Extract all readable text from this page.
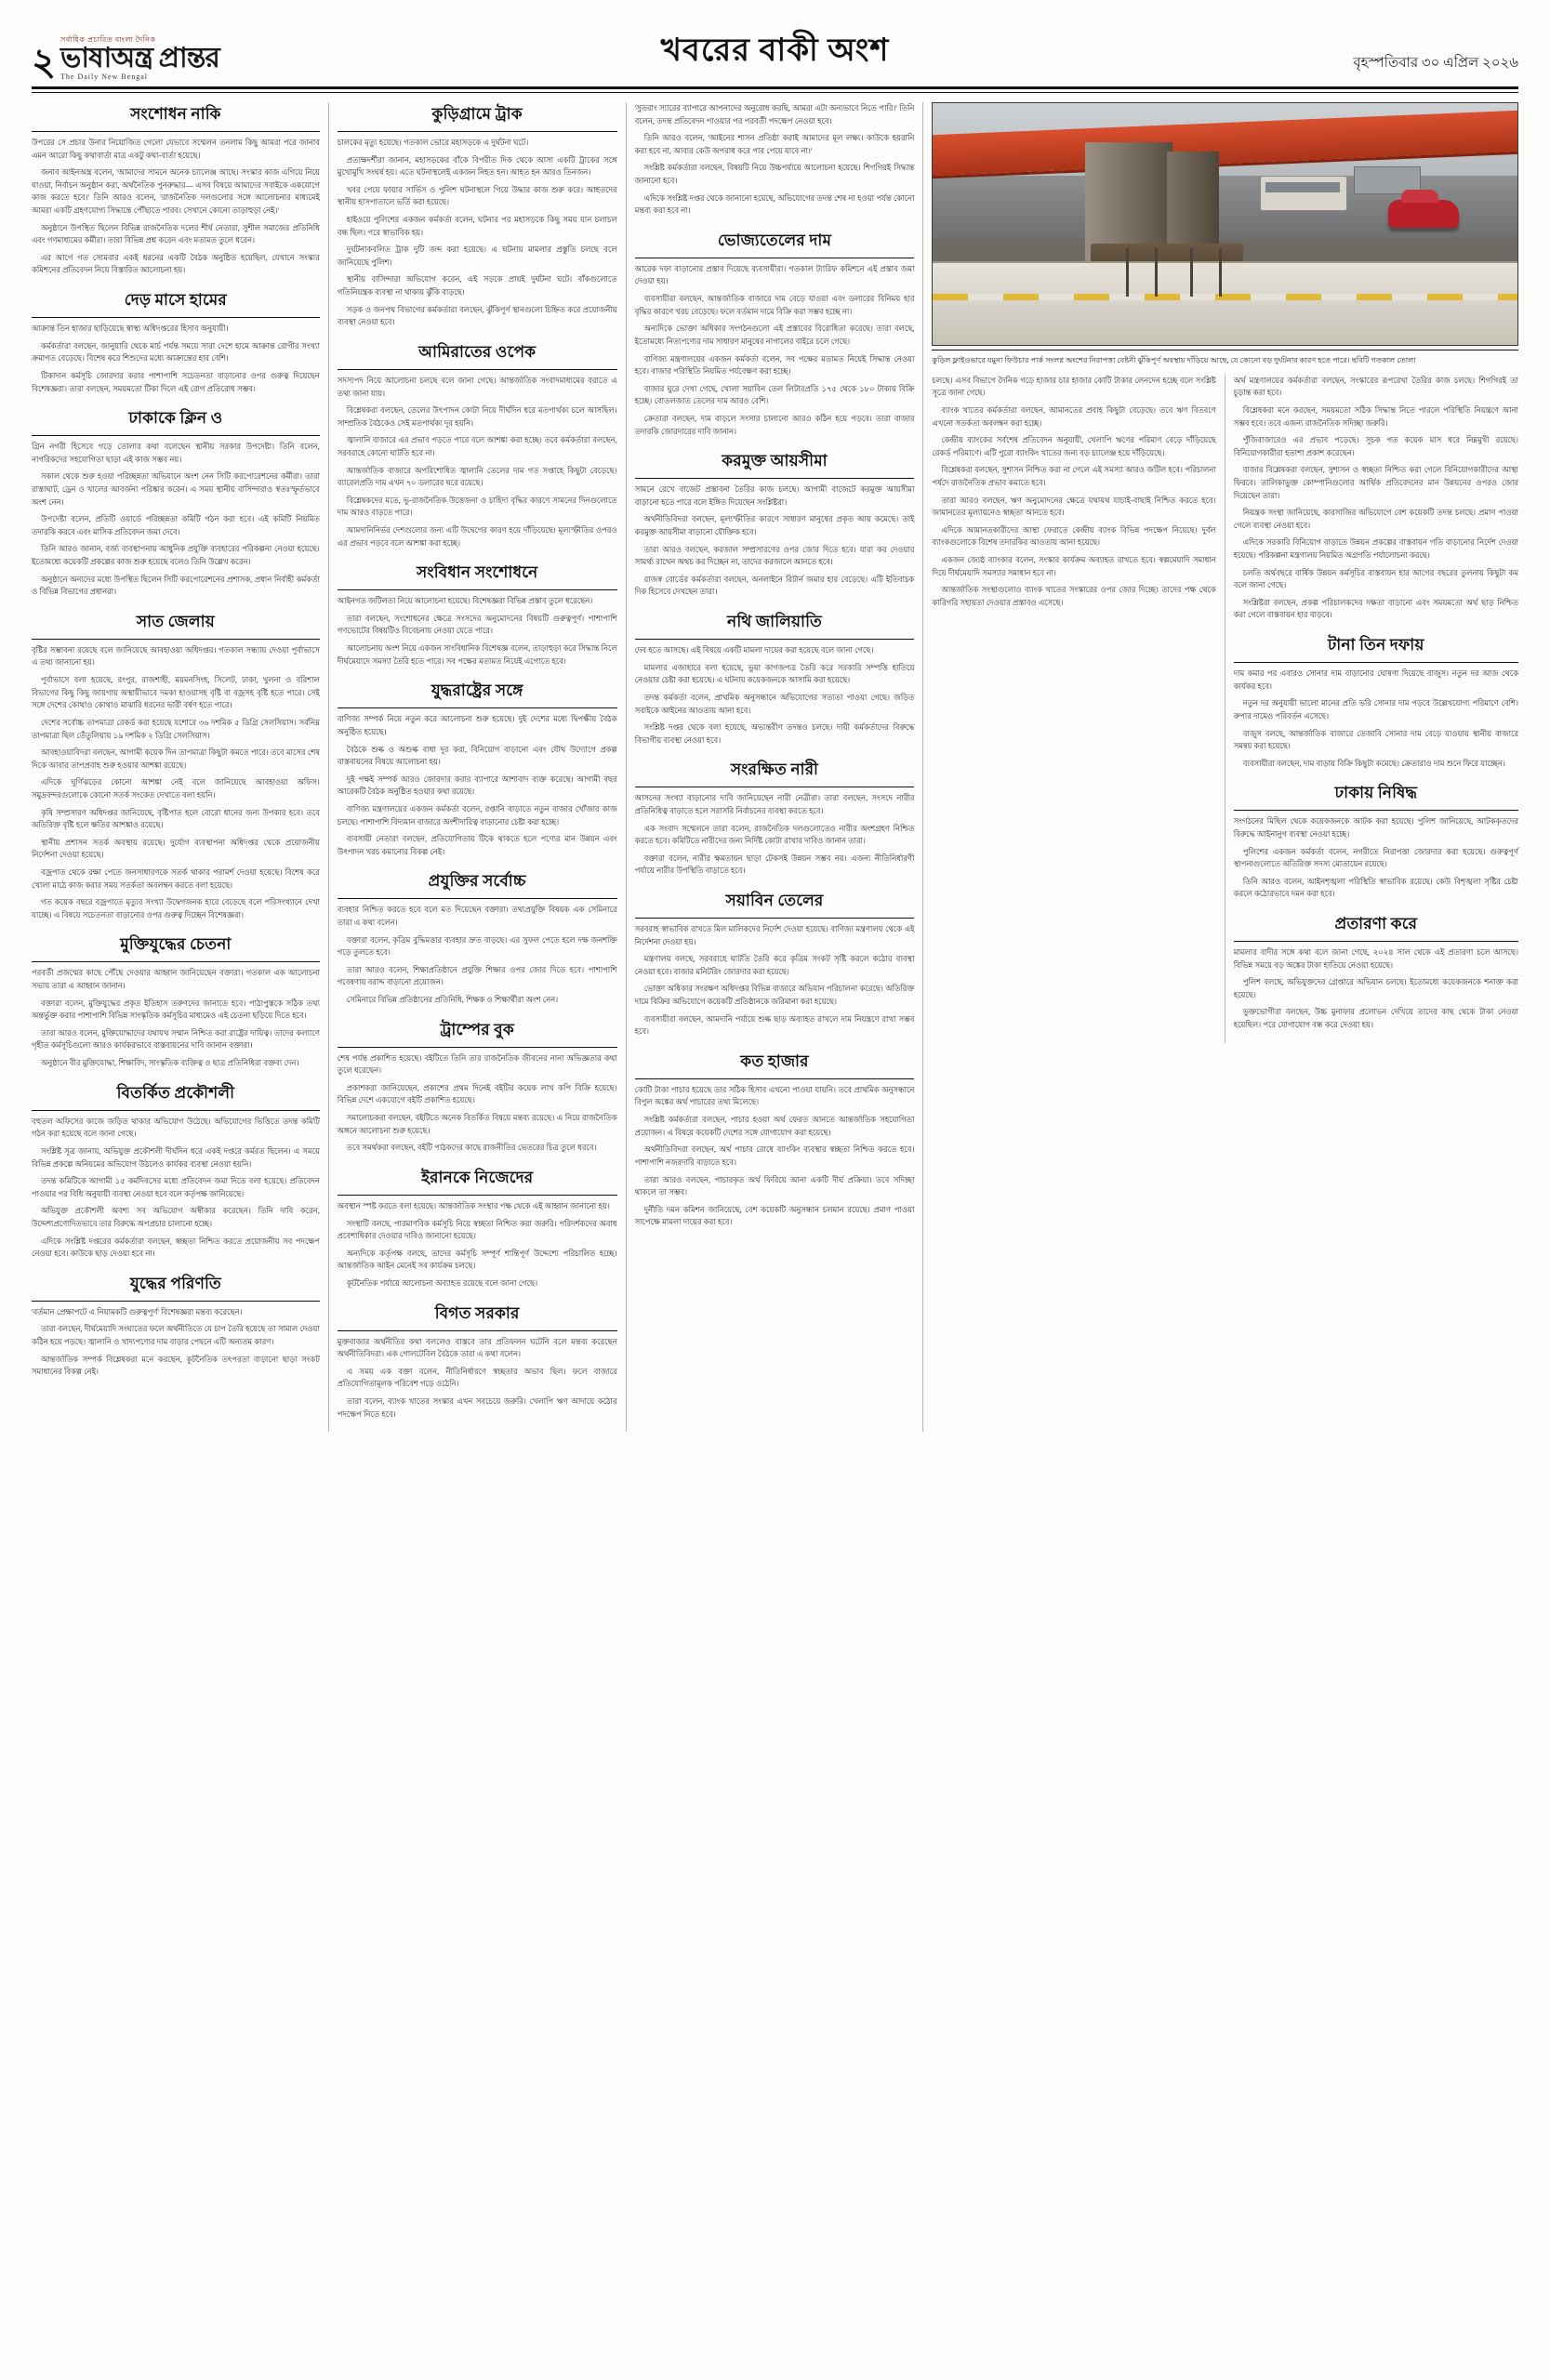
২
সর্বাধিক প্রচারিত বাংলা দৈনিক
ভাষাঅন্ত্র প্রান্তর
The Daily New Bengal
খবরের বাকী অংশ	বৃহস্পতিবার ৩০ এপ্রিল ২০২৬
সংশোধন নাকি

উপরের সে প্রচার উনার নিয়োজিত গেলো যেভাবে সম্মেলন তনলাম কিছু আমরা পরে জানাব এমন আরো কিছু কথাবার্তা মাত্র একটু কথা-বার্তা হয়েছে।

জনাব আইনঅন্ত্র বলেন, 'আমাদের সামনে অনেক চ্যালেঞ্জ আছে। সংস্কার কাজ এগিয়ে নিয়ে যাওয়া, নির্বাচন অনুষ্ঠান করা, অর্থনৈতিক পুনরুদ্ধার— এসব বিষয়ে আমাদের সবাইকে একযোগে কাজ করতে হবে।' তিনি আরও বলেন, 'রাজনৈতিক দলগুলোর সঙ্গে আলোচনার মাধ্যমেই আমরা একটি গ্রহণযোগ্য সিদ্ধান্তে পৌঁছাতে পারব। সেখানে কোনো তাড়াহুড়া নেই।'

অনুষ্ঠানে উপস্থিত ছিলেন বিভিন্ন রাজনৈতিক দলের শীর্ষ নেতারা, সুশীল সমাজের প্রতিনিধি এবং গণমাধ্যমের কর্মীরা। তারা বিভিন্ন প্রশ্ন করেন এবং মতামত তুলে ধরেন।

এর আগে গত সোমবার একই ধরনের একটি বৈঠক অনুষ্ঠিত হয়েছিল, যেখানে সংস্কার কমিশনের প্রতিবেদন নিয়ে বিস্তারিত আলোচনা হয়।

দেড় মাসে হামের

আক্রান্ত তিন হাজার ছাড়িয়েছে স্বাস্থ্য অধিদপ্তরের হিসাব অনুযায়ী।

কর্মকর্তারা বলছেন, জানুয়ারি থেকে মার্চ পর্যন্ত সময়ে সারা দেশে হামে আক্রান্ত রোগীর সংখ্যা ক্রমাগত বেড়েছে। বিশেষ করে শিশুদের মধ্যে আক্রান্তের হার বেশি।

টিকাদান কর্মসূচি জোরদার করার পাশাপাশি সচেতনতা বাড়ানোর ওপর গুরুত্ব দিয়েছেন বিশেষজ্ঞরা। তারা বলছেন, সময়মতো টিকা দিলে এই রোগ প্রতিরোধ সম্ভব।

ঢাকাকে ক্লিন ও

গ্রিন নগরী হিসেবে গড়ে তোলার কথা বলেছেন স্থানীয় সরকার উপদেষ্টা। তিনি বলেন, নাগরিকদের সহযোগিতা ছাড়া এই কাজ সম্ভব নয়।

সকাল থেকে শুরু হওয়া পরিচ্ছন্নতা অভিযানে অংশ নেন সিটি করপোরেশনের কর্মীরা। তারা রাস্তাঘাট, ড্রেন ও খালের আবর্জনা পরিষ্কার করেন। এ সময় স্থানীয় বাসিন্দারাও স্বতঃস্ফূর্তভাবে অংশ নেন।

উপদেষ্টা বলেন, প্রতিটি ওয়ার্ডে পরিচ্ছন্নতা কমিটি গঠন করা হবে। এই কমিটি নিয়মিত তদারকি করবে এবং মাসিক প্রতিবেদন জমা দেবে।

তিনি আরও জানান, বর্জ্য ব্যবস্থাপনায় আধুনিক প্রযুক্তি ব্যবহারের পরিকল্পনা নেওয়া হয়েছে। ইতোমধ্যে কয়েকটি প্রকল্পের কাজ শুরু হয়েছে বলেও তিনি উল্লেখ করেন।

অনুষ্ঠানে অন্যদের মধ্যে উপস্থিত ছিলেন সিটি করপোরেশনের প্রশাসক, প্রধান নির্বাহী কর্মকর্তা ও বিভিন্ন বিভাগের প্রধানরা।

সাত জেলায়

বৃষ্টির সম্ভাবনা রয়েছে বলে জানিয়েছে আবহাওয়া অধিদপ্তর। গতকাল সন্ধ্যায় দেওয়া পূর্বাভাসে এ তথ্য জানানো হয়।

পূর্বাভাসে বলা হয়েছে, রংপুর, রাজশাহী, ময়মনসিংহ, সিলেট, ঢাকা, খুলনা ও বরিশাল বিভাগের কিছু কিছু জায়গায় অস্থায়ীভাবে দমকা হাওয়াসহ বৃষ্টি বা বজ্রসহ বৃষ্টি হতে পারে। সেই সঙ্গে দেশের কোথাও কোথাও মাঝারি ধরনের ভারী বর্ষণ হতে পারে।

দেশের সর্বোচ্চ তাপমাত্রা রেকর্ড করা হয়েছে যশোরে ৩৬ দশমিক ৫ ডিগ্রি সেলসিয়াস। সর্বনিম্ন তাপমাত্রা ছিল তেঁতুলিয়ায় ১৯ দশমিক ২ ডিগ্রি সেলসিয়াস।

আবহাওয়াবিদরা বলছেন, আগামী কয়েক দিন তাপমাত্রা কিছুটা কমতে পারে। তবে মাসের শেষ দিকে আবার তাপপ্রবাহ শুরু হওয়ার আশঙ্কা রয়েছে।

এদিকে ঘূর্ণিঝড়ের কোনো আশঙ্কা নেই বলে জানিয়েছে আবহাওয়া অফিস। সমুদ্রবন্দরগুলোকে কোনো সতর্ক সংকেত দেখাতে বলা হয়নি।

কৃষি সম্প্রসারণ অধিদপ্তর জানিয়েছে, বৃষ্টিপাত হলে বোরো ধানের জন্য উপকার হবে। তবে অতিরিক্ত বৃষ্টি হলে ক্ষতির আশঙ্কাও রয়েছে।

স্থানীয় প্রশাসন সতর্ক অবস্থায় রয়েছে। দুর্যোগ ব্যবস্থাপনা অধিদপ্তর থেকে প্রয়োজনীয় নির্দেশনা দেওয়া হয়েছে।

বজ্রপাত থেকে রক্ষা পেতে জনসাধারণকে সতর্ক থাকার পরামর্শ দেওয়া হয়েছে। বিশেষ করে খোলা মাঠে কাজ করার সময় সতর্কতা অবলম্বন করতে বলা হয়েছে।

গত কয়েক বছরে বজ্রপাতে মৃত্যুর সংখ্যা উদ্বেগজনক হারে বেড়েছে বলে পরিসংখ্যানে দেখা যাচ্ছে। এ বিষয়ে সচেতনতা বাড়ানোর ওপর গুরুত্ব দিচ্ছেন বিশেষজ্ঞরা।

মুক্তিযুদ্ধের চেতনা

পরবর্তী প্রজন্মের কাছে পৌঁছে দেওয়ার আহ্বান জানিয়েছেন বক্তারা। গতকাল এক আলোচনা সভায় তারা এ আহ্বান জানান।

বক্তারা বলেন, মুক্তিযুদ্ধের প্রকৃত ইতিহাস তরুণদের জানাতে হবে। পাঠ্যপুস্তকে সঠিক তথ্য অন্তর্ভুক্ত করার পাশাপাশি বিভিন্ন সাংস্কৃতিক কর্মসূচির মাধ্যমেও এই চেতনা ছড়িয়ে দিতে হবে।

তারা আরও বলেন, মুক্তিযোদ্ধাদের যথাযথ সম্মান নিশ্চিত করা রাষ্ট্রের দায়িত্ব। তাদের কল্যাণে গৃহীত কর্মসূচিগুলো আরও কার্যকরভাবে বাস্তবায়নের দাবি জানান বক্তারা।

অনুষ্ঠানে বীর মুক্তিযোদ্ধা, শিক্ষাবিদ, সাংস্কৃতিক ব্যক্তিত্ব ও ছাত্র প্রতিনিধিরা বক্তব্য দেন।

বিতর্কিত প্রকৌশলী

বহুতল অফিসের কাজে জড়িত থাকার অভিযোগ উঠেছে। অভিযোগের ভিত্তিতে তদন্ত কমিটি গঠন করা হয়েছে বলে জানা গেছে।

সংশ্লিষ্ট সূত্র জানায়, অভিযুক্ত প্রকৌশলী দীর্ঘদিন ধরে একই দপ্তরে কর্মরত ছিলেন। এ সময়ে বিভিন্ন প্রকল্পে অনিয়মের অভিযোগ উঠলেও কার্যকর ব্যবস্থা নেওয়া হয়নি।

তদন্ত কমিটিকে আগামী ১৫ কর্মদিবসের মধ্যে প্রতিবেদন জমা দিতে বলা হয়েছে। প্রতিবেদন পাওয়ার পর বিধি অনুযায়ী ব্যবস্থা নেওয়া হবে বলে কর্তৃপক্ষ জানিয়েছে।

অভিযুক্ত প্রকৌশলী অবশ্য সব অভিযোগ অস্বীকার করেছেন। তিনি দাবি করেন, উদ্দেশ্যপ্রণোদিতভাবে তার বিরুদ্ধে অপপ্রচার চালানো হচ্ছে।

এদিকে সংশ্লিষ্ট দপ্তরের কর্মকর্তারা বলছেন, স্বচ্ছতা নিশ্চিত করতে প্রয়োজনীয় সব পদক্ষেপ নেওয়া হবে। কাউকে ছাড় দেওয়া হবে না।

যুদ্ধের পরিণতি

'বর্তমান প্রেক্ষাপটে এ নিয়ামকটি গুরুত্বপূর্ণ' বিশেষজ্ঞরা মন্তব্য করেছেন।

তারা বলছেন, দীর্ঘমেয়াদি সংঘাতের ফলে অর্থনীতিতে যে চাপ তৈরি হয়েছে তা সামাল দেওয়া কঠিন হয়ে পড়ছে। জ্বালানি ও খাদ্যপণ্যের দাম বাড়ার পেছনে এটি অন্যতম কারণ।

আন্তর্জাতিক সম্পর্ক বিশ্লেষকরা মনে করছেন, কূটনৈতিক তৎপরতা বাড়ানো ছাড়া সংকট সমাধানের বিকল্প নেই।

কুড়িগ্রামে ট্রাক

চালকের মৃত্যু হয়েছে। গতকাল ভোরে মহাসড়কে এ দুর্ঘটনা ঘটে।

প্রত্যক্ষদর্শীরা জানান, মহাসড়কের বাঁকে বিপরীত দিক থেকে আসা একটি ট্রাকের সঙ্গে মুখোমুখি সংঘর্ষ হয়। এতে ঘটনাস্থলেই একজন নিহত হন। আহত হন আরও তিনজন।

খবর পেয়ে ফায়ার সার্ভিস ও পুলিশ ঘটনাস্থলে গিয়ে উদ্ধার কাজ শুরু করে। আহতদের স্থানীয় হাসপাতালে ভর্তি করা হয়েছে।

হাইওয়ে পুলিশের একজন কর্মকর্তা বলেন, ঘটনার পর মহাসড়কে কিছু সময় যান চলাচল বন্ধ ছিল। পরে স্বাভাবিক হয়।

দুর্ঘটনাকবলিত ট্রাক দুটি জব্দ করা হয়েছে। এ ঘটনায় মামলার প্রস্তুতি চলছে বলে জানিয়েছে পুলিশ।

স্থানীয় বাসিন্দারা অভিযোগ করেন, এই সড়কে প্রায়ই দুর্ঘটনা ঘটে। বাঁকগুলোতে গতিনিয়ন্ত্রক ব্যবস্থা না থাকায় ঝুঁকি বাড়ছে।

সড়ক ও জনপথ বিভাগের কর্মকর্তারা বলছেন, ঝুঁকিপূর্ণ স্থানগুলো চিহ্নিত করে প্রয়োজনীয় ব্যবস্থা নেওয়া হবে।

আমিরাতের ওপেক

সদস্যপদ নিয়ে আলোচনা চলছে বলে জানা গেছে। আন্তর্জাতিক সংবাদমাধ্যমের বরাতে এ তথ্য জানা যায়।

বিশ্লেষকরা বলছেন, তেলের উৎপাদন কোটা নিয়ে দীর্ঘদিন ধরে মতপার্থক্য চলে আসছিল। সাম্প্রতিক বৈঠকেও সেই মতপার্থক্য দূর হয়নি।

জ্বালানি বাজারে এর প্রভাব পড়তে পারে বলে আশঙ্কা করা হচ্ছে। তবে কর্মকর্তারা বলছেন, সরবরাহে কোনো ঘাটতি হবে না।

আন্তর্জাতিক বাজারে অপরিশোধিত জ্বালানি তেলের দাম গত সপ্তাহে কিছুটা বেড়েছে। ব্যারেলপ্রতি দাম এখন ৭০ ডলারের ঘরে রয়েছে।

বিশ্লেষকদের মতে, ভূ-রাজনৈতিক উত্তেজনা ও চাহিদা বৃদ্ধির কারণে সামনের দিনগুলোতে দাম আরও বাড়তে পারে।

আমদানিনির্ভর দেশগুলোর জন্য এটি উদ্বেগের কারণ হয়ে দাঁড়িয়েছে। মূল্যস্ফীতির ওপরও এর প্রভাব পড়বে বলে আশঙ্কা করা হচ্ছে।

সংবিধান সংশোধনে

আইনগত জটিলতা নিয়ে আলোচনা হয়েছে। বিশেষজ্ঞরা বিভিন্ন প্রস্তাব তুলে ধরেছেন।

তারা বলছেন, সংশোধনের ক্ষেত্রে সংসদের অনুমোদনের বিষয়টি গুরুত্বপূর্ণ। পাশাপাশি গণভোটের বিষয়টিও বিবেচনায় নেওয়া যেতে পারে।

আলোচনায় অংশ নিয়ে একজন সাংবিধানিক বিশেষজ্ঞ বলেন, তাড়াহুড়া করে সিদ্ধান্ত নিলে দীর্ঘমেয়াদে সমস্যা তৈরি হতে পারে। সব পক্ষের মতামত নিয়েই এগোতে হবে।

যুদ্ধরাষ্ট্রের সঙ্গে

বাণিজ্য সম্পর্ক নিয়ে নতুন করে আলোচনা শুরু হয়েছে। দুই দেশের মধ্যে দ্বিপক্ষীয় বৈঠক অনুষ্ঠিত হয়েছে।

বৈঠকে শুল্ক ও অশুল্ক বাধা দূর করা, বিনিয়োগ বাড়ানো এবং যৌথ উদ্যোগে প্রকল্প বাস্তবায়নের বিষয়ে আলোচনা হয়।

দুই পক্ষই সম্পর্ক আরও জোরদার করার ব্যাপারে আশাবাদ ব্যক্ত করেছে। আগামী বছর আরেকটি বৈঠক অনুষ্ঠিত হওয়ার কথা রয়েছে।

বাণিজ্য মন্ত্রণালয়ের একজন কর্মকর্তা বলেন, রপ্তানি বাড়াতে নতুন বাজার খোঁজার কাজ চলছে। পাশাপাশি বিদ্যমান বাজারে অংশীদারিত্ব বাড়ানোর চেষ্টা করা হচ্ছে।

ব্যবসায়ী নেতারা বলছেন, প্রতিযোগিতায় টিকে থাকতে হলে পণ্যের মান উন্নয়ন এবং উৎপাদন খরচ কমানোর বিকল্প নেই।

প্রযুক্তির সর্বোচ্চ

ব্যবহার নিশ্চিত করতে হবে বলে মত দিয়েছেন বক্তারা। তথ্যপ্রযুক্তি বিষয়ক এক সেমিনারে তারা এ কথা বলেন।

বক্তারা বলেন, কৃত্রিম বুদ্ধিমত্তার ব্যবহার দ্রুত বাড়ছে। এর সুফল পেতে হলে দক্ষ জনশক্তি গড়ে তুলতে হবে।

তারা আরও বলেন, শিক্ষাপ্রতিষ্ঠানে প্রযুক্তি শিক্ষার ওপর জোর দিতে হবে। পাশাপাশি গবেষণায় বরাদ্দ বাড়ানো প্রয়োজন।

সেমিনারে বিভিন্ন প্রতিষ্ঠানের প্রতিনিধি, শিক্ষক ও শিক্ষার্থীরা অংশ নেন।

ট্রাম্পের বুক

শেষ পর্যন্ত প্রকাশিত হয়েছে। বইটিতে তিনি তার রাজনৈতিক জীবনের নানা অভিজ্ঞতার কথা তুলে ধরেছেন।

প্রকাশকরা জানিয়েছেন, প্রকাশের প্রথম দিনেই বইটির কয়েক লাখ কপি বিক্রি হয়েছে। বিভিন্ন দেশে একযোগে বইটি প্রকাশিত হয়েছে।

সমালোচকরা বলছেন, বইটিতে অনেক বিতর্কিত বিষয়ে মন্তব্য রয়েছে। এ নিয়ে রাজনৈতিক অঙ্গনে আলোচনা শুরু হয়েছে।

তবে সমর্থকরা বলছেন, বইটি পাঠকদের কাছে রাজনীতির ভেতরের চিত্র তুলে ধরবে।

ইরানকে নিজেদের

অবস্থান স্পষ্ট করতে বলা হয়েছে। আন্তর্জাতিক সংস্থার পক্ষ থেকে এই আহ্বান জানানো হয়।

সংস্থাটি বলছে, পারমাণবিক কর্মসূচি নিয়ে স্বচ্ছতা নিশ্চিত করা জরুরি। পরিদর্শকদের অবাধ প্রবেশাধিকার দেওয়ার দাবিও জানানো হয়েছে।

অন্যদিকে কর্তৃপক্ষ বলছে, তাদের কর্মসূচি সম্পূর্ণ শান্তিপূর্ণ উদ্দেশ্যে পরিচালিত হচ্ছে। আন্তর্জাতিক আইন মেনেই সব কার্যক্রম চলছে।

কূটনৈতিক পর্যায়ে আলোচনা অব্যাহত রয়েছে বলে জানা গেছে।

বিগত সরকার

মুক্তবাজার অর্থনীতির কথা বললেও বাস্তবে তার প্রতিফলন ঘটেনি বলে মন্তব্য করেছেন অর্থনীতিবিদরা। এক গোলটেবিল বৈঠকে তারা এ কথা বলেন।

এ সময় এক বক্তা বলেন, নীতিনির্ধারণে স্বচ্ছতার অভাব ছিল। ফলে বাজারে প্রতিযোগিতামূলক পরিবেশ গড়ে ওঠেনি।

তারা বলেন, ব্যাংক খাতের সংস্কার এখন সবচেয়ে জরুরি। খেলাপি ঋণ আদায়ে কঠোর পদক্ষেপ নিতে হবে।

'সুতরাং স্যারের ব্যাপারে আপনাদের অনুরোধ করছি, আমরা এটা অন্যভাবে নিতে পারি।' তিনি বলেন, তদন্ত প্রতিবেদন পাওয়ার পর পরবর্তী পদক্ষেপ নেওয়া হবে।

তিনি আরও বলেন, 'আইনের শাসন প্রতিষ্ঠা করাই আমাদের মূল লক্ষ্য। কাউকে হয়রানি করা হবে না, আবার কেউ অপরাধ করে পার পেয়ে যাবে না।'

সংশ্লিষ্ট কর্মকর্তারা বলছেন, বিষয়টি নিয়ে উচ্চপর্যায়ে আলোচনা হয়েছে। শিগগিরই সিদ্ধান্ত জানানো হবে।

এদিকে সংশ্লিষ্ট দপ্তর থেকে জানানো হয়েছে, অভিযোগের তদন্ত শেষ না হওয়া পর্যন্ত কোনো মন্তব্য করা হবে না।

ভোজ্যতেলের দাম

আরেক দফা বাড়ানোর প্রস্তাব দিয়েছে ব্যবসায়ীরা। গতকাল ট্যারিফ কমিশনে এই প্রস্তাব জমা দেওয়া হয়।

ব্যবসায়ীরা বলছেন, আন্তর্জাতিক বাজারে দাম বেড়ে যাওয়া এবং ডলারের বিনিময় হার বৃদ্ধির কারণে খরচ বেড়েছে। ফলে বর্তমান দামে বিক্রি করা সম্ভব হচ্ছে না।

অন্যদিকে ভোক্তা অধিকার সংগঠনগুলো এই প্রস্তাবের বিরোধিতা করেছে। তারা বলছে, ইতোমধ্যে নিত্যপণ্যের দাম সাধারণ মানুষের নাগালের বাইরে চলে গেছে।

বাণিজ্য মন্ত্রণালয়ের একজন কর্মকর্তা বলেন, সব পক্ষের মতামত নিয়েই সিদ্ধান্ত নেওয়া হবে। বাজার পরিস্থিতি নিয়মিত পর্যবেক্ষণ করা হচ্ছে।

বাজার ঘুরে দেখা গেছে, খোলা সয়াবিন তেল লিটারপ্রতি ১৭৫ থেকে ১৮০ টাকায় বিক্রি হচ্ছে। বোতলজাত তেলের দাম আরও বেশি।

ক্রেতারা বলছেন, দাম বাড়লে সংসার চালানো আরও কঠিন হয়ে পড়বে। তারা বাজার তদারকি জোরদারের দাবি জানান।

করমুক্ত আয়সীমা

সামনে রেখে বাজেট প্রস্তাবনা তৈরির কাজ চলছে। আগামী বাজেটে করমুক্ত আয়সীমা বাড়ানো হতে পারে বলে ইঙ্গিত দিয়েছেন সংশ্লিষ্টরা।

অর্থনীতিবিদরা বলছেন, মূল্যস্ফীতির কারণে সাধারণ মানুষের প্রকৃত আয় কমেছে। তাই করমুক্ত আয়সীমা বাড়ানো যৌক্তিক হবে।

তারা আরও বলছেন, করজাল সম্প্রসারণের ওপর জোর দিতে হবে। যারা কর দেওয়ার সামর্থ্য রাখেন অথচ কর দিচ্ছেন না, তাদের করজালে আনতে হবে।

রাজস্ব বোর্ডের কর্মকর্তারা বলছেন, অনলাইনে রিটার্ন জমার হার বেড়েছে। এটি ইতিবাচক দিক হিসেবে দেখছেন তারা।

নথি জালিয়াতি

দেব হতে আসছে। এই বিষয়ে একটি মামলা দায়ের করা হয়েছে বলে জানা গেছে।

মামলার এজাহারে বলা হয়েছে, ভুয়া কাগজপত্র তৈরি করে সরকারি সম্পত্তি হাতিয়ে নেওয়ার চেষ্টা করা হয়েছে। এ ঘটনায় কয়েকজনকে আসামি করা হয়েছে।

তদন্ত কর্মকর্তা বলেন, প্রাথমিক অনুসন্ধানে অভিযোগের সত্যতা পাওয়া গেছে। জড়িত সবাইকে আইনের আওতায় আনা হবে।

সংশ্লিষ্ট দপ্তর থেকে বলা হয়েছে, অভ্যন্তরীণ তদন্তও চলছে। দায়ী কর্মকর্তাদের বিরুদ্ধে বিভাগীয় ব্যবস্থা নেওয়া হবে।

সংরক্ষিত নারী

আসনের সংখ্যা বাড়ানোর দাবি জানিয়েছেন নারী নেত্রীরা। তারা বলছেন, সংসদে নারীর প্রতিনিধিত্ব বাড়াতে হলে সরাসরি নির্বাচনের ব্যবস্থা করতে হবে।

এক সংবাদ সম্মেলনে তারা বলেন, রাজনৈতিক দলগুলোতেও নারীর অংশগ্রহণ নিশ্চিত করতে হবে। কমিটিতে নারীদের জন্য নির্দিষ্ট কোটা রাখার দাবিও জানান তারা।

বক্তারা বলেন, নারীর ক্ষমতায়ন ছাড়া টেকসই উন্নয়ন সম্ভব নয়। এজন্য নীতিনির্ধারণী পর্যায়ে নারীর উপস্থিতি বাড়াতে হবে।

সয়াবিন তেলের

সরবরাহ স্বাভাবিক রাখতে মিল মালিকদের নির্দেশ দেওয়া হয়েছে। বাণিজ্য মন্ত্রণালয় থেকে এই নির্দেশনা দেওয়া হয়।

মন্ত্রণালয় বলছে, সরবরাহে ঘাটতি তৈরি করে কৃত্রিম সংকট সৃষ্টি করলে কঠোর ব্যবস্থা নেওয়া হবে। বাজার মনিটরিং জোরদার করা হয়েছে।

ভোক্তা অধিকার সংরক্ষণ অধিদপ্তর বিভিন্ন বাজারে অভিযান পরিচালনা করেছে। অতিরিক্ত দামে বিক্রির অভিযোগে কয়েকটি প্রতিষ্ঠানকে জরিমানা করা হয়েছে।

ব্যবসায়ীরা বলছেন, আমদানি পর্যায়ে শুল্ক ছাড় অব্যাহত রাখলে দাম নিয়ন্ত্রণে রাখা সম্ভব হবে।

কত হাজার

কোটি টাকা পাচার হয়েছে তার সঠিক হিসাব এখনো পাওয়া যায়নি। তবে প্রাথমিক অনুসন্ধানে বিপুল অঙ্কের অর্থ পাচারের তথ্য মিলেছে।

সংশ্লিষ্ট কর্মকর্তারা বলছেন, পাচার হওয়া অর্থ ফেরত আনতে আন্তর্জাতিক সহযোগিতা প্রয়োজন। এ বিষয়ে কয়েকটি দেশের সঙ্গে যোগাযোগ করা হয়েছে।

অর্থনীতিবিদরা বলছেন, অর্থ পাচার রোধে ব্যাংকিং ব্যবস্থার স্বচ্ছতা নিশ্চিত করতে হবে। পাশাপাশি নজরদারি বাড়াতে হবে।

তারা আরও বলছেন, পাচারকৃত অর্থ ফিরিয়ে আনা একটি দীর্ঘ প্রক্রিয়া। তবে সদিচ্ছা থাকলে তা সম্ভব।

দুর্নীতি দমন কমিশন জানিয়েছে, বেশ কয়েকটি অনুসন্ধান চলমান রয়েছে। প্রমাণ পাওয়া সাপেক্ষে মামলা দায়ের করা হবে।

কুড়িল ফ্লাইওভারে যমুনা ফিউচার পার্ক সংলগ্ন অংশের নিরাপত্তা বেষ্টনী ঝুঁকিপূর্ণ অবস্থায় দাঁড়িয়ে আছে, যে কোনো বড় দুর্ঘটনার কারণ হতে পারে। ছবিটি গতকাল তোলা

চলছে। এসব বিভাগে দৈনিক গড়ে হাজার চার হাজার কোটি টাকার লেনদেন হচ্ছে বলে সংশ্লিষ্ট সূত্রে জানা গেছে।

ব্যাংক খাতের কর্মকর্তারা বলছেন, আমানতের প্রবাহ কিছুটা বেড়েছে। তবে ঋণ বিতরণে এখনো সতর্কতা অবলম্বন করা হচ্ছে।

কেন্দ্রীয় ব্যাংকের সর্বশেষ প্রতিবেদন অনুযায়ী, খেলাপি ঋণের পরিমাণ বেড়ে দাঁড়িয়েছে রেকর্ড পরিমাণে। এটি পুরো ব্যাংকিং খাতের জন্য বড় চ্যালেঞ্জ হয়ে দাঁড়িয়েছে।

বিশ্লেষকরা বলছেন, সুশাসন নিশ্চিত করা না গেলে এই সমস্যা আরও জটিল হবে। পরিচালনা পর্ষদে রাজনৈতিক প্রভাব কমাতে হবে।

তারা আরও বলছেন, ঋণ অনুমোদনের ক্ষেত্রে যথাযথ যাচাই-বাছাই নিশ্চিত করতে হবে। জামানতের মূল্যায়নেও স্বচ্ছতা আনতে হবে।

এদিকে আমানতকারীদের আস্থা ফেরাতে কেন্দ্রীয় ব্যাংক বিভিন্ন পদক্ষেপ নিয়েছে। দুর্বল ব্যাংকগুলোকে বিশেষ তদারকির আওতায় আনা হয়েছে।

একজন জ্যেষ্ঠ ব্যাংকার বলেন, সংস্কার কার্যক্রম অব্যাহত রাখতে হবে। স্বল্পমেয়াদি সমাধান দিয়ে দীর্ঘমেয়াদি সমস্যার সমাধান হবে না।

আন্তর্জাতিক সংস্থাগুলোও ব্যাংক খাতের সংস্কারের ওপর জোর দিচ্ছে। তাদের পক্ষ থেকে কারিগরি সহায়তা দেওয়ার প্রস্তাবও এসেছে।

অর্থ মন্ত্রণালয়ের কর্মকর্তারা বলছেন, সংস্কারের রূপরেখা তৈরির কাজ চলছে। শিগগিরই তা চূড়ান্ত করা হবে।

বিশ্লেষকরা মনে করছেন, সময়মতো সঠিক সিদ্ধান্ত নিতে পারলে পরিস্থিতি নিয়ন্ত্রণে আনা সম্ভব হবে। তবে এজন্য রাজনৈতিক সদিচ্ছা জরুরি।

পুঁজিবাজারেও এর প্রভাব পড়েছে। সূচক গত কয়েক মাস ধরে নিম্নমুখী রয়েছে। বিনিয়োগকারীরা হতাশা প্রকাশ করেছেন।

বাজার বিশ্লেষকরা বলছেন, সুশাসন ও স্বচ্ছতা নিশ্চিত করা গেলে বিনিয়োগকারীদের আস্থা ফিরবে। তালিকাভুক্ত কোম্পানিগুলোর আর্থিক প্রতিবেদনের মান উন্নয়নের ওপরও জোর দিয়েছেন তারা।

নিয়ন্ত্রক সংস্থা জানিয়েছে, কারসাজির অভিযোগে বেশ কয়েকটি তদন্ত চলছে। প্রমাণ পাওয়া গেলে ব্যবস্থা নেওয়া হবে।

এদিকে সরকারি বিনিয়োগ বাড়াতে উন্নয়ন প্রকল্পের বাস্তবায়ন গতি বাড়ানোর নির্দেশ দেওয়া হয়েছে। পরিকল্পনা মন্ত্রণালয় নিয়মিত অগ্রগতি পর্যালোচনা করছে।

চলতি অর্থবছরে বার্ষিক উন্নয়ন কর্মসূচির বাস্তবায়ন হার আগের বছরের তুলনায় কিছুটা কম বলে জানা গেছে।

সংশ্লিষ্টরা বলছেন, প্রকল্প পরিচালকদের দক্ষতা বাড়ানো এবং সময়মতো অর্থ ছাড় নিশ্চিত করা গেলে বাস্তবায়ন হার বাড়বে।

টানা তিন দফায়

দাম কমার পর এবারও সোনার দাম বাড়ানোর ঘোষণা দিয়েছে বাজুস। নতুন দর আজ থেকে কার্যকর হবে।

নতুন দর অনুযায়ী ভালো মানের প্রতি ভরি সোনার দাম পড়বে উল্লেখযোগ্য পরিমাণে বেশি। রুপার দামেও পরিবর্তন এসেছে।

বাজুস বলছে, আন্তর্জাতিক বাজারে তেজাবি সোনার দাম বেড়ে যাওয়ায় স্থানীয় বাজারে সমন্বয় করা হয়েছে।

ব্যবসায়ীরা বলছেন, দাম বাড়ায় বিক্রি কিছুটা কমেছে। ক্রেতারাও দাম শুনে ফিরে যাচ্ছেন।

ঢাকায় নিষিদ্ধ

সংগঠনের মিছিল থেকে কয়েকজনকে আটক করা হয়েছে। পুলিশ জানিয়েছে, আটককৃতদের বিরুদ্ধে আইনানুগ ব্যবস্থা নেওয়া হচ্ছে।

পুলিশের একজন কর্মকর্তা বলেন, নগরীতে নিরাপত্তা জোরদার করা হয়েছে। গুরুত্বপূর্ণ স্থাপনাগুলোতে অতিরিক্ত সদস্য মোতায়েন রয়েছে।

তিনি আরও বলেন, আইনশৃঙ্খলা পরিস্থিতি স্বাভাবিক রয়েছে। কেউ বিশৃঙ্খলা সৃষ্টির চেষ্টা করলে কঠোরভাবে দমন করা হবে।

প্রতারণা করে

মামলার বাদীর সঙ্গে কথা বলে জানা গেছে, ২০২৪ সাল থেকে এই প্রতারণা চলে আসছে। বিভিন্ন সময়ে বড় অঙ্কের টাকা হাতিয়ে নেওয়া হয়েছে।

পুলিশ বলছে, অভিযুক্তদের গ্রেপ্তারে অভিযান চলছে। ইতোমধ্যে কয়েকজনকে শনাক্ত করা হয়েছে।

ভুক্তভোগীরা বলছেন, উচ্চ মুনাফার প্রলোভন দেখিয়ে তাদের কাছ থেকে টাকা নেওয়া হয়েছিল। পরে যোগাযোগ বন্ধ করে দেওয়া হয়।
